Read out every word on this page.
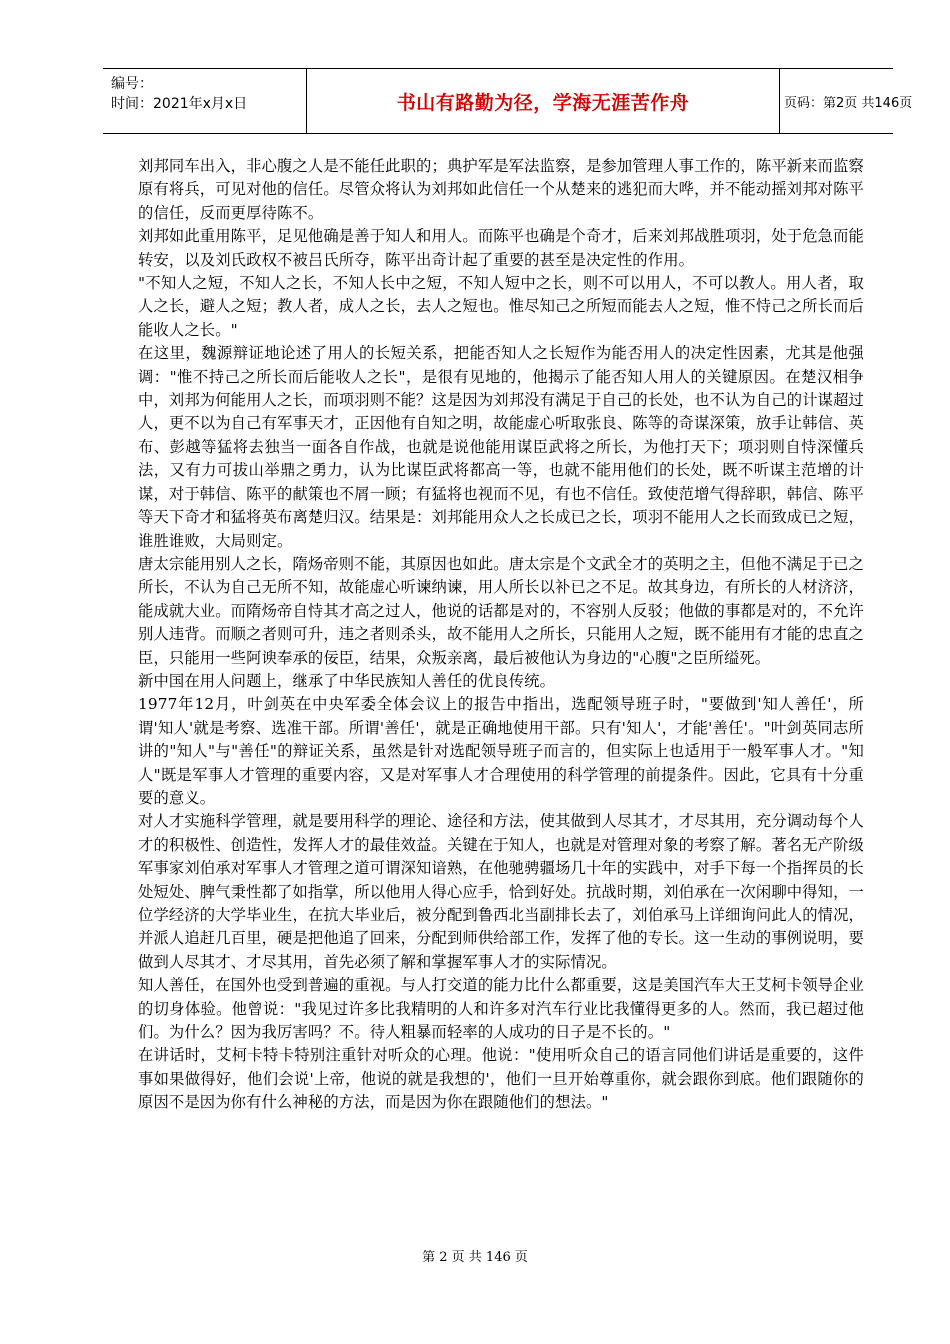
编号：
时间：2021年x月x日	书山有路勤为径，学海无涯苦作舟	页码：第2页 共146页

刘邦同车出入，非心腹之人是不能任此职的；典护军是军法监察，是参加管理人事工作的，陈平新来而监察原有将兵，可见对他的信任。尽管众将认为刘邦如此信任一个从楚来的逃犯而大哗，并不能动摇刘邦对陈平的信任，反而更厚待陈不。

刘邦如此重用陈平，足见他确是善于知人和用人。而陈平也确是个奇才，后来刘邦战胜项羽，处于危急而能转安，以及刘氏政权不被吕氏所夺，陈平出奇计起了重要的甚至是决定性的作用。

"不知人之短，不知人之长，不知人长中之短，不知人短中之长，则不可以用人，不可以教人。用人者，取人之长，避人之短；教人者，成人之长，去人之短也。惟尽知己之所短而能去人之短，惟不恃己之所长而后能收人之长。"

在这里，魏源辩证地论述了用人的长短关系，把能否知人之长短作为能否用人的决定性因素，尤其是他强调："惟不持己之所长而后能收人之长"，是很有见地的，他揭示了能否知人用人的关键原因。在楚汉相争中，刘邦为何能用人之长，而项羽则不能？这是因为刘邦没有满足于自己的长处，也不认为自己的计谋超过人，更不以为自己有军事天才，正因他有自知之明，故能虚心听取张良、陈等的奇谋深策，放手让韩信、英布、彭越等猛将去独当一面各自作战，也就是说他能用谋臣武将之所长，为他打天下；项羽则自恃深懂兵法，又有力可拔山举鼎之勇力，认为比谋臣武将都高一等，也就不能用他们的长处，既不听谋主范增的计谋，对于韩信、陈平的献策也不屑一顾；有猛将也视而不见，有也不信任。致使范增气得辞职，韩信、陈平等天下奇才和猛将英布离楚归汉。结果是：刘邦能用众人之长成已之长，项羽不能用人之长而致成已之短，谁胜谁败，大局则定。

唐太宗能用别人之长，隋炀帝则不能，其原因也如此。唐太宗是个文武全才的英明之主，但他不满足于已之所长，不认为自己无所不知，故能虚心听谏纳谏，用人所长以补已之不足。故其身边，有所长的人材济济，能成就大业。而隋炀帝自恃其才高之过人，他说的话都是对的，不容别人反驳；他做的事都是对的，不允许别人违背。而顺之者则可升，违之者则杀头，故不能用人之所长，只能用人之短，既不能用有才能的忠直之臣，只能用一些阿谀奉承的佞臣，结果，众叛亲离，最后被他认为身边的"心腹"之臣所缢死。

新中国在用人问题上，继承了中华民族知人善任的优良传统。

1977年12月，叶剑英在中央军委全体会议上的报告中指出，选配领导班子时，"要做到'知人善任'，所谓'知人'就是考察、选准干部。所谓'善任'，就是正确地使用干部。只有'知人'，才能'善任'。"叶剑英同志所讲的"知人"与"善任"的辩证关系，虽然是针对选配领导班子而言的，但实际上也适用于一般军事人才。"知人"既是军事人才管理的重要内容，又是对军事人才合理使用的科学管理的前提条件。因此，它具有十分重要的意义。

对人才实施科学管理，就是要用科学的理论、途径和方法，使其做到人尽其才，才尽其用，充分调动每个人才的积极性、创造性，发挥人才的最佳效益。关键在于知人，也就是对管理对象的考察了解。著名无产阶级军事家刘伯承对军事人才管理之道可谓深知谙熟，在他驰骋疆场几十年的实践中，对手下每一个指挥员的长处短处、脾气秉性都了如指掌，所以他用人得心应手，恰到好处。抗战时期，刘伯承在一次闲聊中得知，一位学经济的大学毕业生，在抗大毕业后，被分配到鲁西北当副排长去了，刘伯承马上详细询问此人的情况，并派人追赶几百里，硬是把他追了回来，分配到师供给部工作，发挥了他的专长。这一生动的事例说明，要做到人尽其才、才尽其用，首先必须了解和掌握军事人才的实际情况。

知人善任，在国外也受到普遍的重视。与人打交道的能力比什么都重要，这是美国汽车大王艾柯卡领导企业的切身体验。他曾说："我见过许多比我精明的人和许多对汽车行业比我懂得更多的人。然而，我已超过他们。为什么？因为我厉害吗？不。待人粗暴而轻率的人成功的日子是不长的。"

在讲话时，艾柯卡特卡特别注重针对听众的心理。他说："使用听众自己的语言同他们讲话是重要的，这件事如果做得好，他们会说'上帝，他说的就是我想的'，他们一旦开始尊重你，就会跟你到底。他们跟随你的原因不是因为你有什么神秘的方法，而是因为你在跟随他们的想法。"

第 2 页 共 146 页
